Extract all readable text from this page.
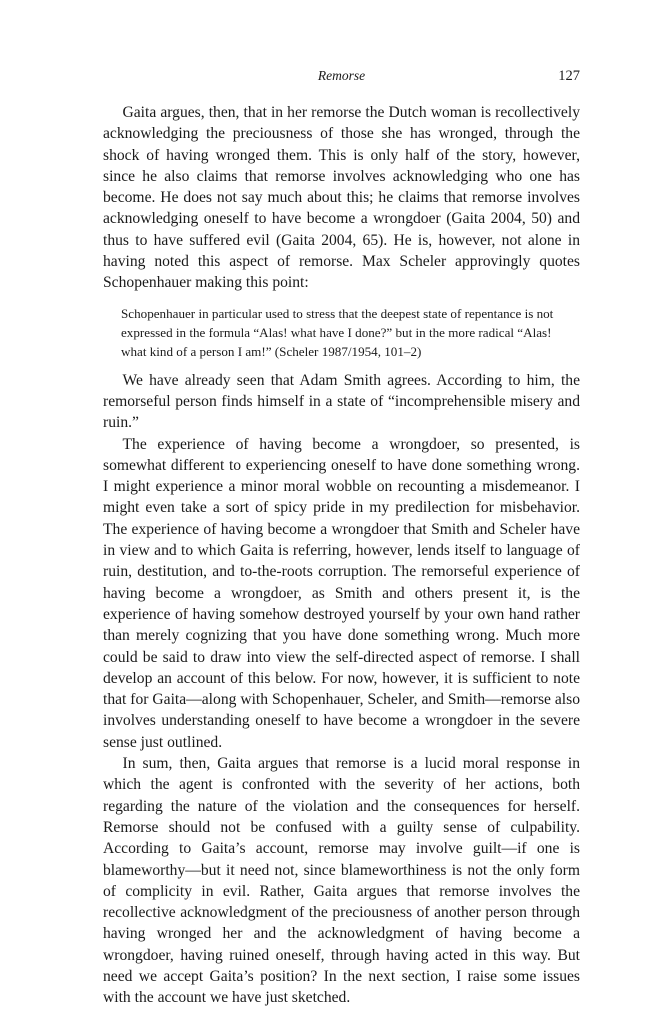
Remorse	127

Gaita argues, then, that in her remorse the Dutch woman is recollectively acknowledging the preciousness of those she has wronged, through the shock of having wronged them. This is only half of the story, however, since he also claims that remorse involves acknowledging who one has become. He does not say much about this; he claims that remorse involves acknowledging oneself to have become a wrongdoer (Gaita 2004, 50) and thus to have suffered evil (Gaita 2004, 65). He is, however, not alone in having noted this aspect of remorse. Max Scheler approvingly quotes Schopenhauer making this point:

Schopenhauer in particular used to stress that the deepest state of repentance is not expressed in the formula “Alas! what have I done?” but in the more radical “Alas! what kind of a person I am!” (Scheler 1987/1954, 101–2)

We have already seen that Adam Smith agrees. According to him, the remorseful person finds himself in a state of “incomprehensible misery and ruin.”

The experience of having become a wrongdoer, so presented, is somewhat different to experiencing oneself to have done something wrong. I might experience a minor moral wobble on recounting a misdemeanor. I might even take a sort of spicy pride in my predilection for misbehavior. The experience of having become a wrongdoer that Smith and Scheler have in view and to which Gaita is referring, however, lends itself to language of ruin, destitution, and to-the-roots corruption. The remorseful experience of having become a wrongdoer, as Smith and others present it, is the experience of having somehow destroyed yourself by your own hand rather than merely cognizing that you have done something wrong. Much more could be said to draw into view the self-directed aspect of remorse. I shall develop an account of this below. For now, however, it is sufficient to note that for Gaita—along with Schopenhauer, Scheler, and Smith—remorse also involves understanding oneself to have become a wrongdoer in the severe sense just outlined.

In sum, then, Gaita argues that remorse is a lucid moral response in which the agent is confronted with the severity of her actions, both regarding the nature of the violation and the consequences for herself. Remorse should not be confused with a guilty sense of culpability. According to Gaita’s account, remorse may involve guilt—if one is blameworthy—but it need not, since blameworthiness is not the only form of complicity in evil. Rather, Gaita argues that remorse involves the recollective acknowledgment of the preciousness of another person through having wronged her and the acknowledgment of having become a wrongdoer, having ruined oneself, through having acted in this way. But need we accept Gaita’s position? In the next section, I raise some issues with the account we have just sketched.
